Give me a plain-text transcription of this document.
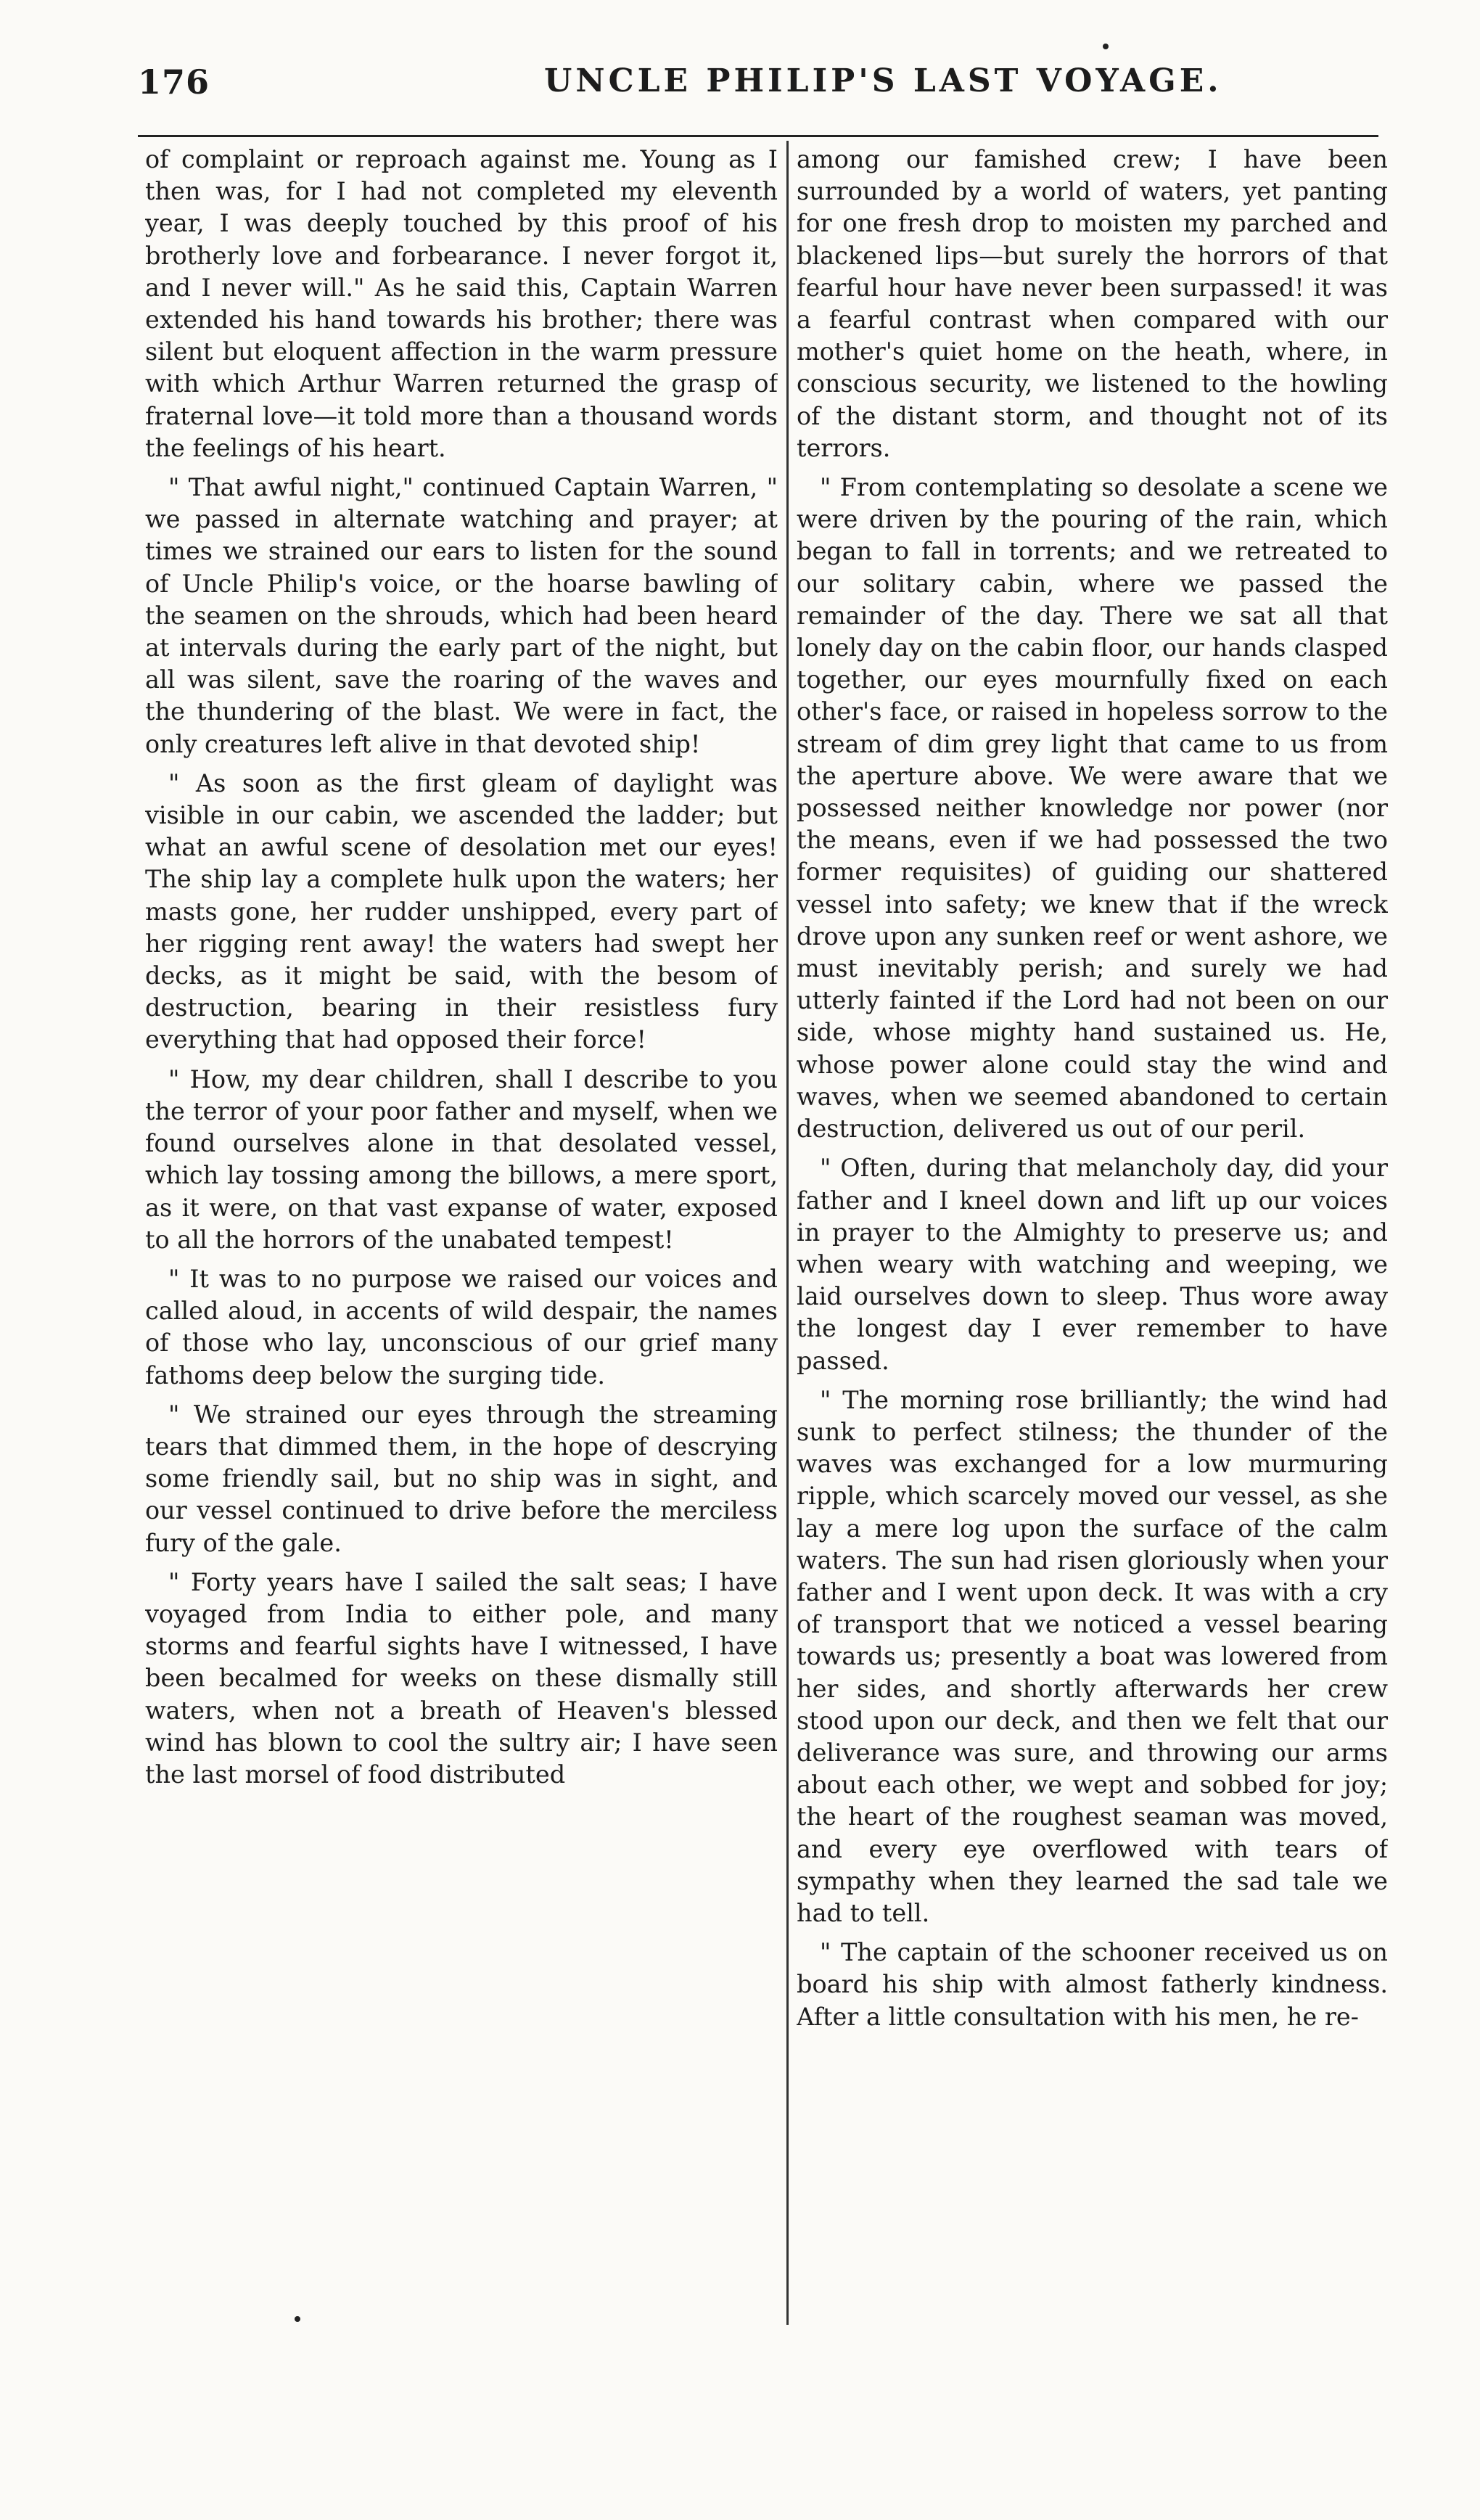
176	UNCLE PHILIP'S LAST VOYAGE.

of complaint or reproach against me. Young as I then was, for I had not completed my eleventh year, I was deeply touched by this proof of his brotherly love and forbearance. I never forgot it, and I never will." As he said this, Captain Warren extended his hand towards his brother; there was silent but eloquent affection in the warm pressure with which Arthur Warren returned the grasp of fraternal love—it told more than a thousand words the feelings of his heart.

" That awful night," continued Captain Warren, " we passed in alternate watching and prayer; at times we strained our ears to listen for the sound of Uncle Philip's voice, or the hoarse bawling of the seamen on the shrouds, which had been heard at intervals during the early part of the night, but all was silent, save the roaring of the waves and the thundering of the blast. We were in fact, the only creatures left alive in that devoted ship!

" As soon as the first gleam of daylight was visible in our cabin, we ascended the ladder; but what an awful scene of desolation met our eyes! The ship lay a complete hulk upon the waters; her masts gone, her rudder unshipped, every part of her rigging rent away! the waters had swept her decks, as it might be said, with the besom of destruction, bearing in their resistless fury everything that had opposed their force!

" How, my dear children, shall I describe to you the terror of your poor father and myself, when we found ourselves alone in that desolated vessel, which lay tossing among the billows, a mere sport, as it were, on that vast expanse of water, exposed to all the horrors of the unabated tempest!

" It was to no purpose we raised our voices and called aloud, in accents of wild despair, the names of those who lay, unconscious of our grief many fathoms deep below the surging tide.

" We strained our eyes through the streaming tears that dimmed them, in the hope of descrying some friendly sail, but no ship was in sight, and our vessel continued to drive before the merciless fury of the gale.

" Forty years have I sailed the salt seas; I have voyaged from India to either pole, and many storms and fearful sights have I witnessed, I have been becalmed for weeks on these dismally still waters, when not a breath of Heaven's blessed wind has blown to cool the sultry air; I have seen the last morsel of food distributed

among our famished crew; I have been surrounded by a world of waters, yet panting for one fresh drop to moisten my parched and blackened lips—but surely the horrors of that fearful hour have never been surpassed! it was a fearful contrast when compared with our mother's quiet home on the heath, where, in conscious security, we listened to the howling of the distant storm, and thought not of its terrors.

" From contemplating so desolate a scene we were driven by the pouring of the rain, which began to fall in torrents; and we retreated to our solitary cabin, where we passed the remainder of the day. There we sat all that lonely day on the cabin floor, our hands clasped together, our eyes mournfully fixed on each other's face, or raised in hopeless sorrow to the stream of dim grey light that came to us from the aperture above. We were aware that we possessed neither knowledge nor power (nor the means, even if we had possessed the two former requisites) of guiding our shattered vessel into safety; we knew that if the wreck drove upon any sunken reef or went ashore, we must inevitably perish; and surely we had utterly fainted if the Lord had not been on our side, whose mighty hand sustained us. He, whose power alone could stay the wind and waves, when we seemed abandoned to certain destruction, delivered us out of our peril.

" Often, during that melancholy day, did your father and I kneel down and lift up our voices in prayer to the Almighty to preserve us; and when weary with watching and weeping, we laid ourselves down to sleep. Thus wore away the longest day I ever remember to have passed.

" The morning rose brilliantly; the wind had sunk to perfect stilness; the thunder of the waves was exchanged for a low murmuring ripple, which scarcely moved our vessel, as she lay a mere log upon the surface of the calm waters. The sun had risen gloriously when your father and I went upon deck. It was with a cry of transport that we noticed a vessel bearing towards us; presently a boat was lowered from her sides, and shortly afterwards her crew stood upon our deck, and then we felt that our deliverance was sure, and throwing our arms about each other, we wept and sobbed for joy; the heart of the roughest seaman was moved, and every eye overflowed with tears of sympathy when they learned the sad tale we had to tell.

" The captain of the schooner received us on board his ship with almost fatherly kindness. After a little consultation with his men, he re-
